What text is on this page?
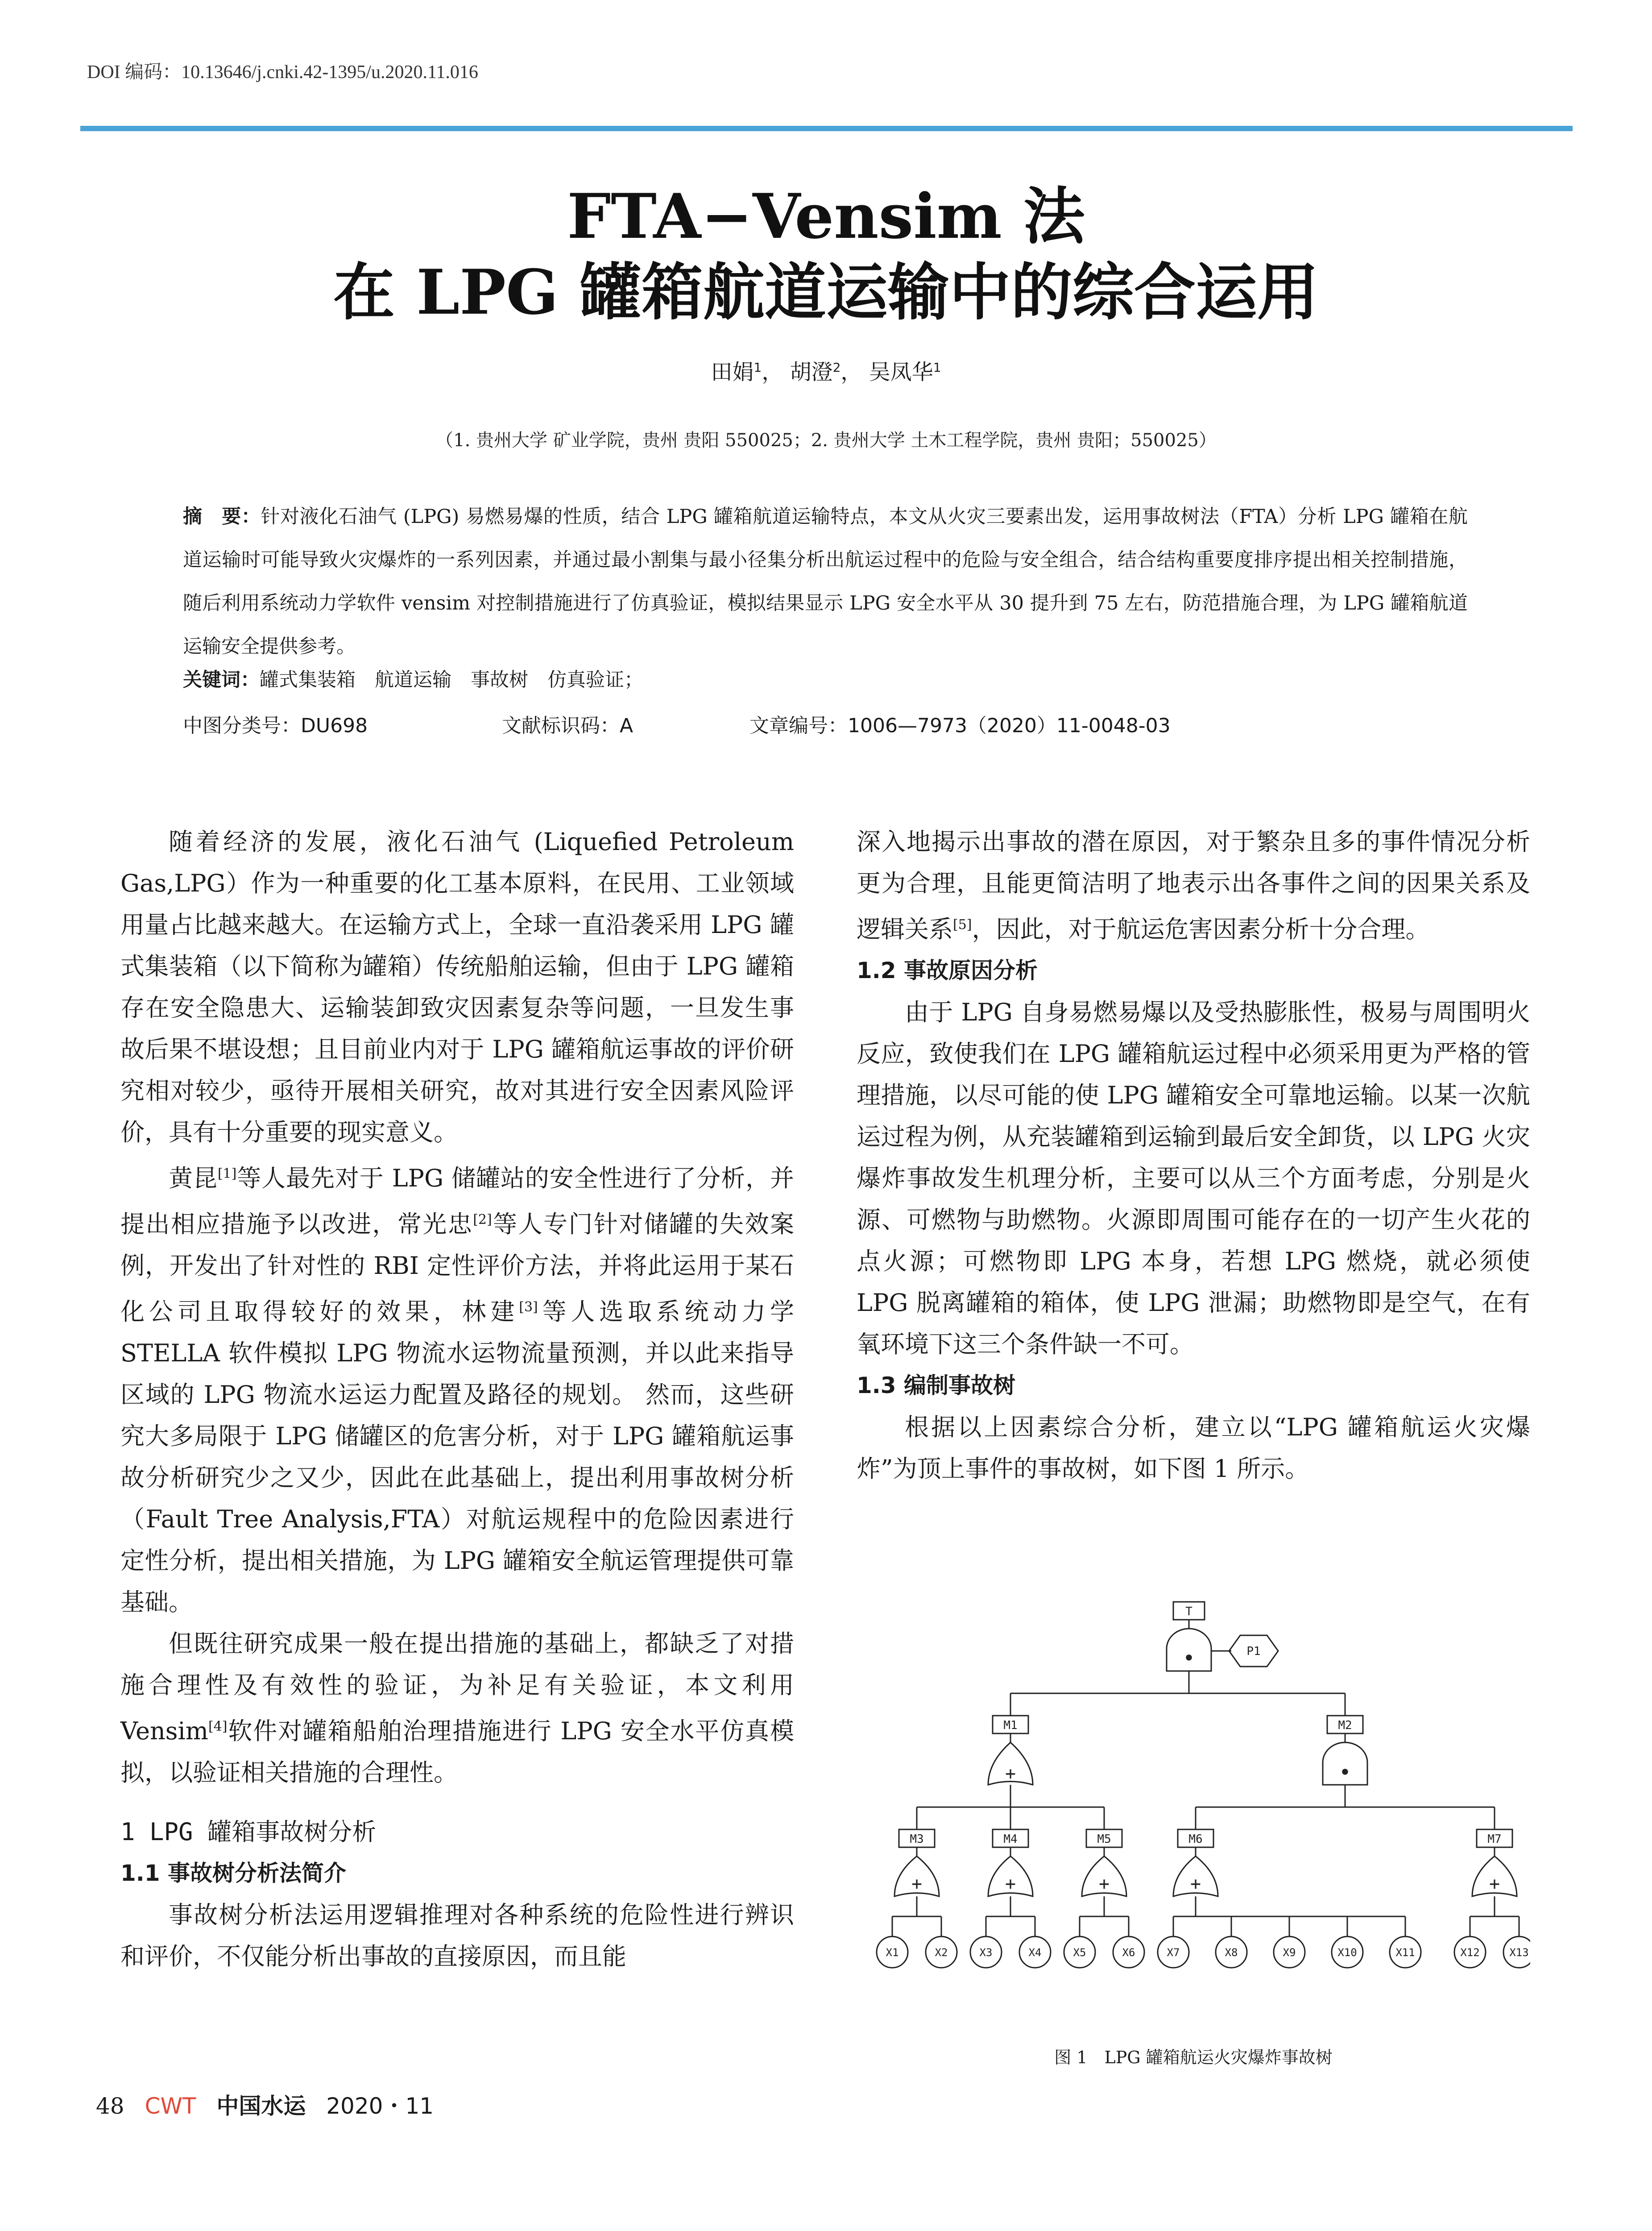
DOI 编码：10.13646/j.cnki.42-1395/u.2020.11.016
FTA−Vensim 法
在 LPG 罐箱航道运输中的综合运用
田娟$^1$， 胡澄$^2$， 吴凤华$^1$
（1. 贵州大学 矿业学院，贵州 贵阳 550025；2. 贵州大学 土木工程学院，贵州 贵阳；550025）
摘　要：针对液化石油气 (LPG) 易燃易爆的性质，结合 LPG 罐箱航道运输特点，本文从火灾三要素出发，运用事故树法（FTA）分析 LPG 罐箱在航道运输时可能导致火灾爆炸的一系列因素，并通过最小割集与最小径集分析出航运过程中的危险与安全组合，结合结构重要度排序提出相关控制措施，随后利用系统动力学软件 vensim 对控制措施进行了仿真验证，模拟结果显示 LPG 安全水平从 30 提升到 75 左右，防范措施合理，为 LPG 罐箱航道运输安全提供参考。
关键词：罐式集装箱　航道运输　事故树　仿真验证；
中图分类号：DU698	文献标识码：A	文章编号：1006—7973（2020）11-0048-03

随着经济的发展，液化石油气 (Liquefied Petroleum Gas,LPG）作为一种重要的化工基本原料，在民用、工业领域用量占比越来越大。在运输方式上，全球一直沿袭采用 LPG 罐式集装箱（以下简称为罐箱）传统船舶运输，但由于 LPG 罐箱存在安全隐患大、运输装卸致灾因素复杂等问题，一旦发生事故后果不堪设想；且目前业内对于 LPG 罐箱航运事故的评价研究相对较少，亟待开展相关研究，故对其进行安全因素风险评价，具有十分重要的现实意义。

黄昆[1]等人最先对于 LPG 储罐站的安全性进行了分析，并提出相应措施予以改进，常光忠[2]等人专门针对储罐的失效案例，开发出了针对性的 RBI 定性评价方法，并将此运用于某石化公司且取得较好的效果，林建[3]等人选取系统动力学 STELLA 软件模拟 LPG 物流水运物流量预测，并以此来指导区域的 LPG 物流水运运力配置及路径的规划。 然而，这些研究大多局限于 LPG 储罐区的危害分析，对于 LPG 罐箱航运事故分析研究少之又少，因此在此基础上，提出利用事故树分析（Fault Tree Analysis,FTA）对航运规程中的危险因素进行定性分析，提出相关措施，为 LPG 罐箱安全航运管理提供可靠基础。

但既往研究成果一般在提出措施的基础上，都缺乏了对措施合理性及有效性的验证，为补足有关验证，本文利用 Vensim[4]软件对罐箱船舶治理措施进行 LPG 安全水平仿真模拟，以验证相关措施的合理性。

1 LPG 罐箱事故树分析
1.1 事故树分析法简介

事故树分析法运用逻辑推理对各种系统的危险性进行辨识和评价，不仅能分析出事故的直接原因，而且能

深入地揭示出事故的潜在原因，对于繁杂且多的事件情况分析更为合理，且能更简洁明了地表示出各事件之间的因果关系及逻辑关系[5]，因此，对于航运危害因素分析十分合理。

1.2 事故原因分析

由于 LPG 自身易燃易爆以及受热膨胀性，极易与周围明火反应，致使我们在 LPG 罐箱航运过程中必须采用更为严格的管理措施，以尽可能的使 LPG 罐箱安全可靠地运输。以某一次航运过程为例，从充装罐箱到运输到最后安全卸货，以 LPG 火灾爆炸事故发生机理分析，主要可以从三个方面考虑，分别是火源、可燃物与助燃物。火源即周围可能存在的一切产生火花的点火源；可燃物即 LPG 本身，若想 LPG 燃烧，就必须使 LPG 脱离罐箱的箱体，使 LPG 泄漏；助燃物即是空气，在有氧环境下这三个条件缺一不可。

1.3 编制事故树

根据以上因素综合分析，建立以“LPG 罐箱航运火灾爆炸”为顶上事件的事故树，如下图 1 所示。

T
P1
•
M1	M2
+	•
M3	M4	M5	M6	M7
+	+	+	+	+
X1	X2	X3	X4	X5	X6	X7	X8	X9	X10	X11	X12	X13
图 1　LPG 罐箱航运火灾爆炸事故树
48 CWT 中国水运 2020・11
